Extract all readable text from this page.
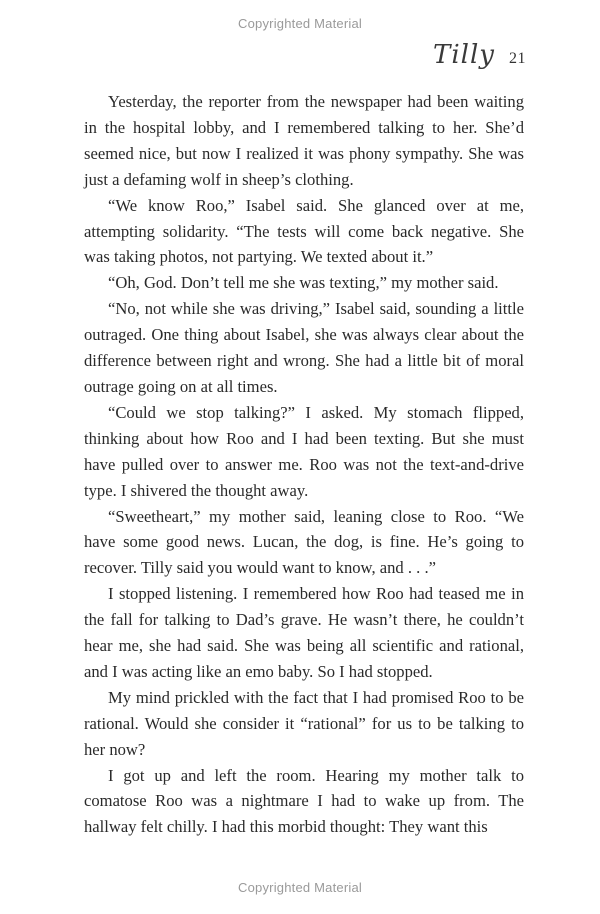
Copyrighted Material
Tilly 21

Yesterday, the reporter from the newspaper had been waiting in the hospital lobby, and I remembered talking to her. She’d seemed nice, but now I realized it was phony sympathy. She was just a defaming wolf in sheep’s clothing.

“We know Roo,” Isabel said. She glanced over at me, attempting solidarity. “The tests will come back negative. She was taking photos, not partying. We texted about it.”

“Oh, God. Don’t tell me she was texting,” my mother said.

“No, not while she was driving,” Isabel said, sounding a little outraged. One thing about Isabel, she was always clear about the difference between right and wrong. She had a little bit of moral outrage going on at all times.

“Could we stop talking?” I asked. My stomach flipped, thinking about how Roo and I had been texting. But she must have pulled over to answer me. Roo was not the text-and-drive type. I shivered the thought away.

“Sweetheart,” my mother said, leaning close to Roo. “We have some good news. Lucan, the dog, is fine. He’s going to recover. Tilly said you would want to know, and . . .”

I stopped listening. I remembered how Roo had teased me in the fall for talking to Dad’s grave. He wasn’t there, he couldn’t hear me, she had said. She was being all scientific and rational, and I was acting like an emo baby. So I had stopped.

My mind prickled with the fact that I had promised Roo to be rational. Would she consider it “rational” for us to be talking to her now?

I got up and left the room. Hearing my mother talk to comatose Roo was a nightmare I had to wake up from. The hallway felt chilly. I had this morbid thought: They want this

Copyrighted Material
